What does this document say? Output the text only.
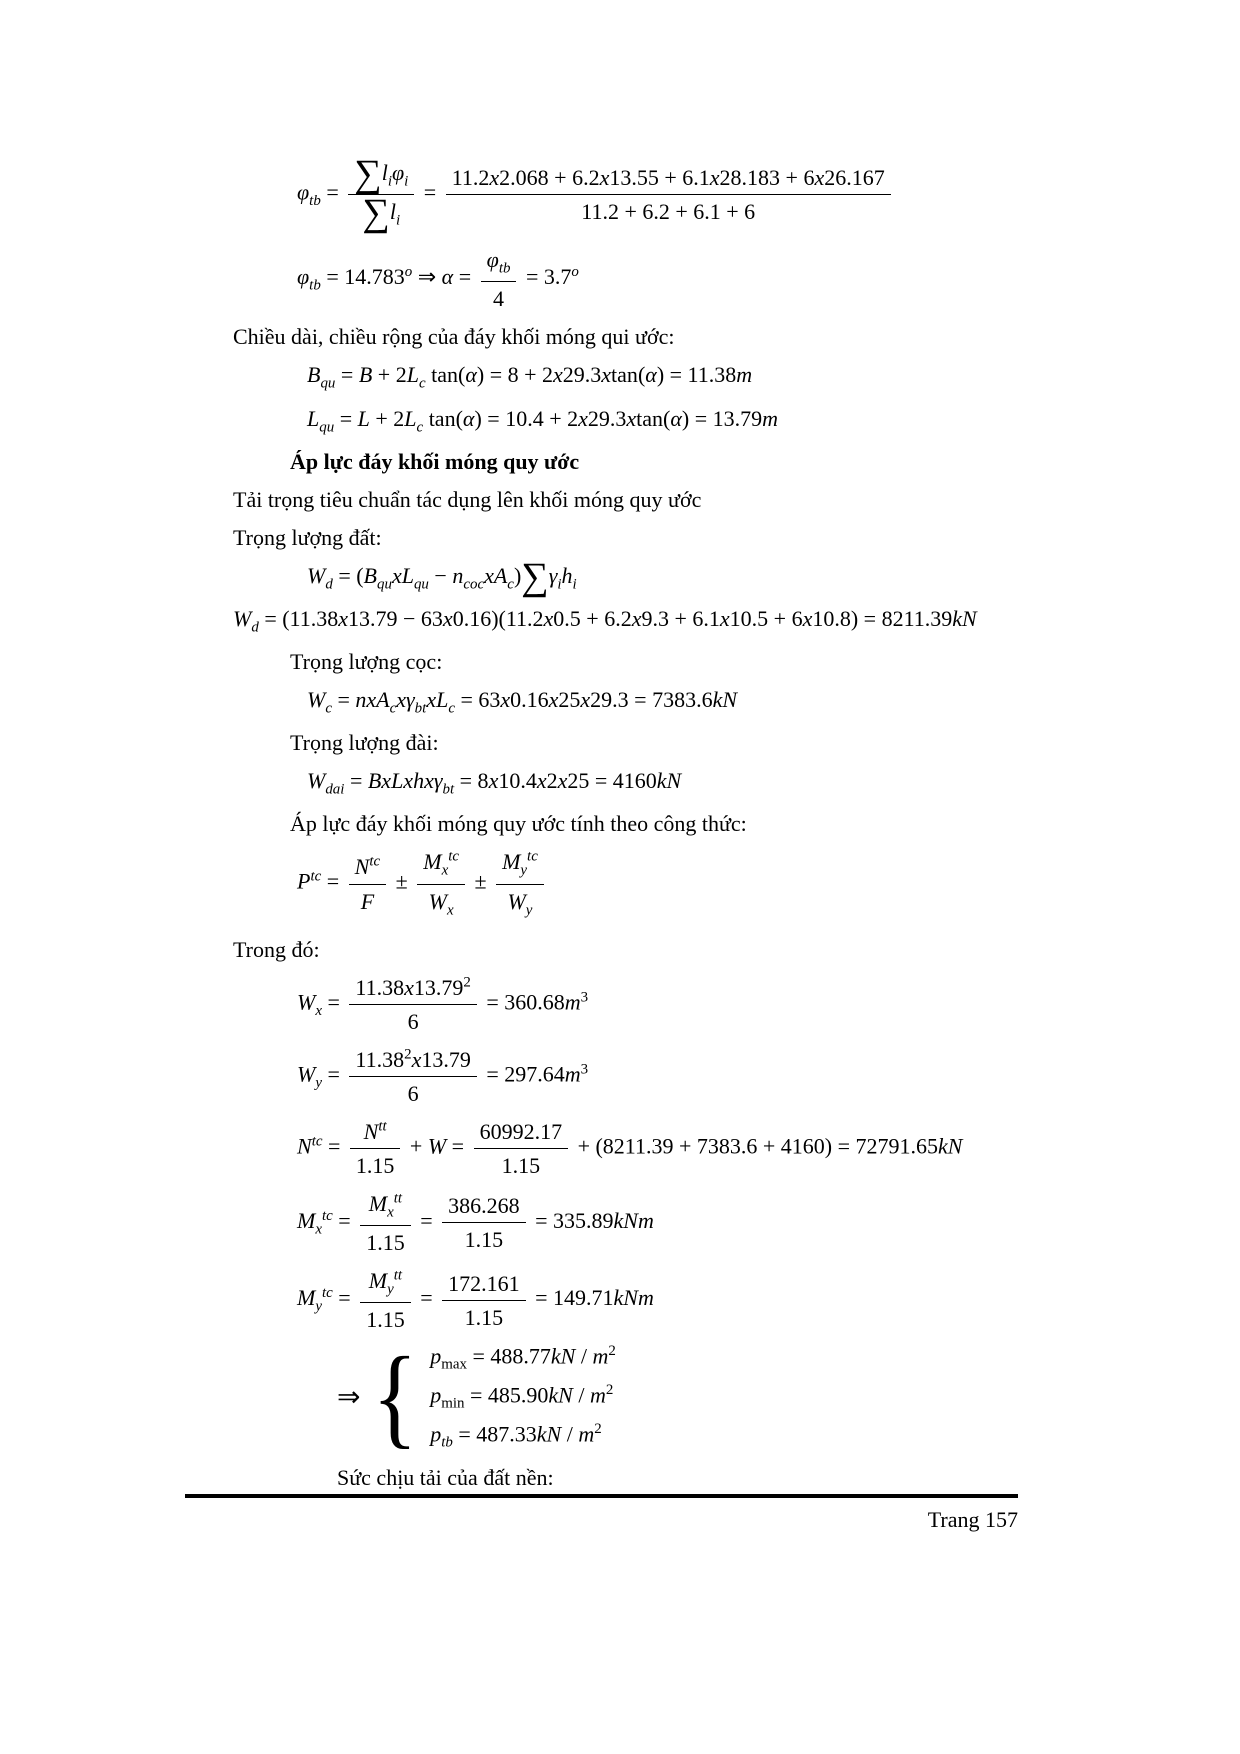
$\varphi_{tb} = \frac{\sum l_i\varphi_i}{\sum l_i} = \frac{11.2x2.068 + 6.2x13.55 + 6.1x28.183 + 6x26.167}{11.2 + 6.2 + 6.1 + 6}$
$\varphi_{tb} = 14.783^o$ ⇒ $\alpha = \frac{\varphi_{tb}}{4} = 3.7^o$
Chiều dài, chiều rộng của đáy khối móng qui ước:
$B_{qu} = B + 2L_c$ tan(α) = 8 + 2x29.3xtan(α) = 11.38m
$L_{qu} = L + 2L_c$ tan(α) = 10.4 + 2x29.3xtan(α) = 13.79m
Áp lực đáy khối móng quy ước
Tải trọng tiêu chuẩn tác dụng lên khối móng quy ước
Trọng lượng đất:
$W_d = (B_{qu}xL_{qu} - n_{coc}xA_c)\sum\gamma_ih_i$
$W_d = (11.38x13.79 - 63x0.16)(11.2x0.5 + 6.2x9.3 + 6.1x10.5 + 6x10.8) = 8211.39kN$
Trọng lượng cọc:
$W_c = nxA_cx\gamma_{bt}xL_c = 63x0.16x25x29.3 = 7383.6kN$
Trọng lượng đài:
$W_{dai}$ = BxLxhxγ$_{bt}$ = 8x10.4x2x25 = 4160kN
Áp lực đáy khối móng quy ước tính theo công thức:
$P^{tc} = \frac{N^{tc}}{F} \pm \frac{M_x^{tc}}{W_x} \pm \frac{M_y^{tc}}{W_y}$
Trong đó:
$W_x = \frac{11.38x13.79^2}{6} = 360.68m^3$
$W_y = \frac{11.38^2x13.79}{6} = 297.64m^3$
$N^{tc} = \frac{N^{tt}}{1.15} + W = \frac{60992.17}{1.15} + (8211.39 + 7383.6 + 4160) = 72791.65kN$
$M_x^{tc} = \frac{M_x^{tt}}{1.15} = \frac{386.268}{1.15} = 335.89kNm$
$M_y^{tc} = \frac{M_y^{tt}}{1.15} = \frac{172.161}{1.15} = 149.71kNm$
⇒ { $p_{max} = 488.77kN / m^2$
$p_{min} = 485.90kN / m^2$
$p_{tb} = 487.33kN / m^2$
Sức chịu tải của đất nền:
Trang 157
